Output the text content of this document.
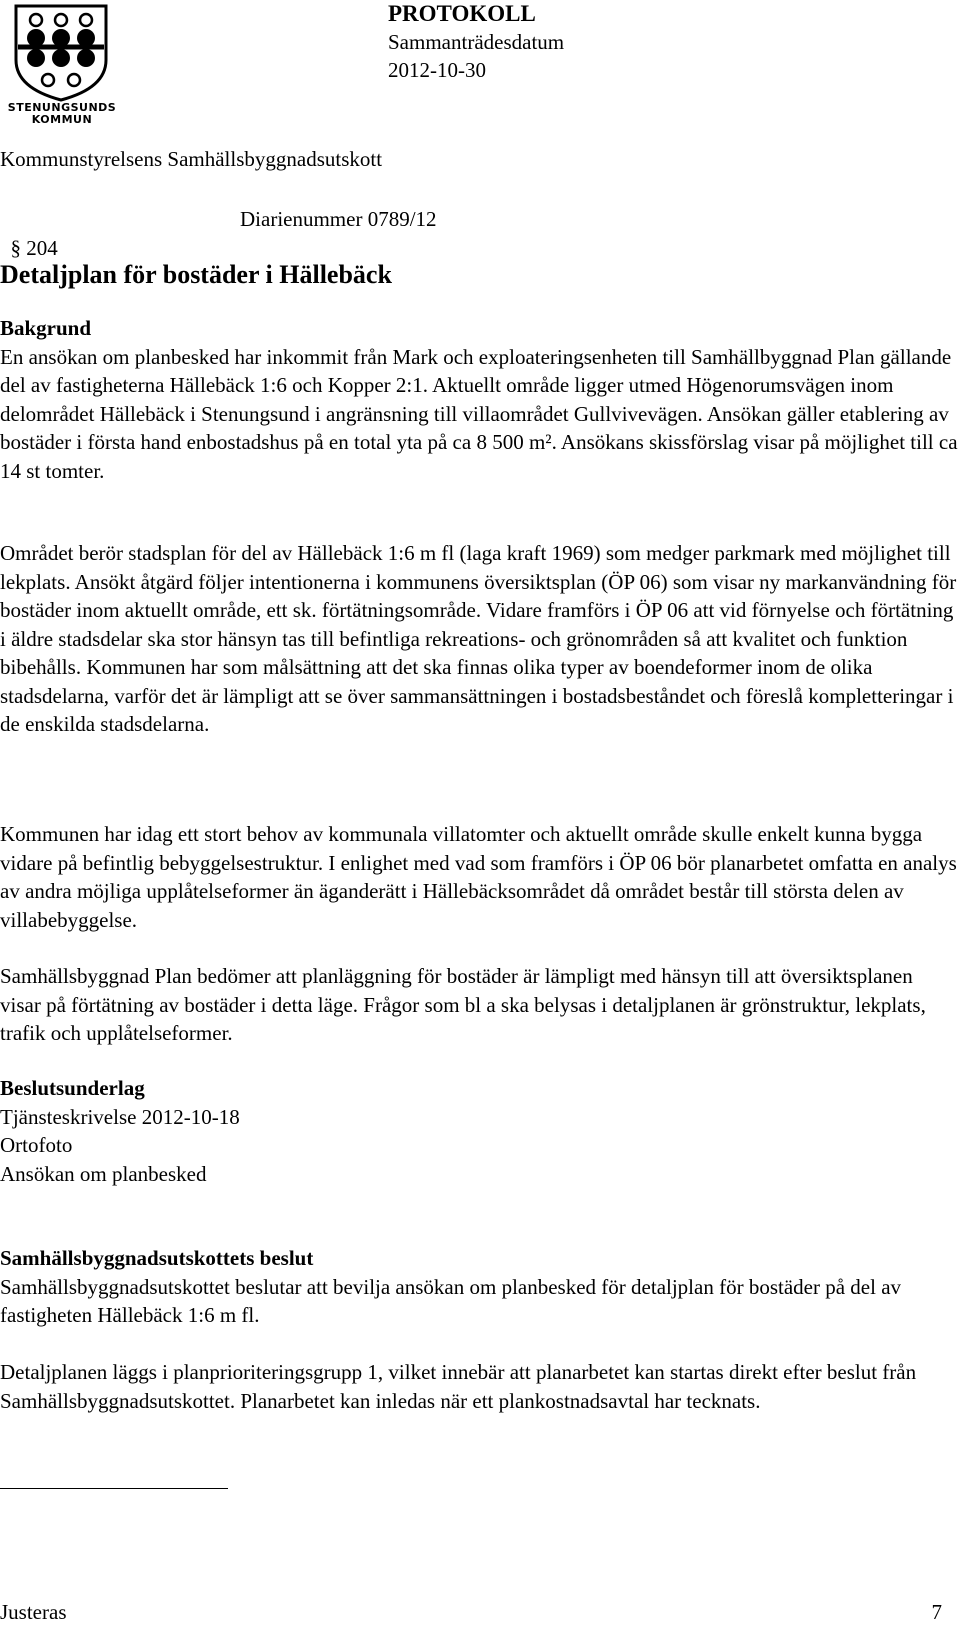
STENUNGSUNDS
KOMMUN
PROTOKOLL
Sammanträdesdatum
2012-10-30
Kommunstyrelsens Samhällsbyggnadsutskott

§ 204

Diarienummer 0789/12

Detaljplan för bostäder i Hällebäck

Bakgrund

En ansökan om planbesked har inkommit från Mark och exploateringsenheten till Samhällbyggnad Plan gällande del av fastigheterna Hällebäck 1:6 och Kopper 2:1. Aktuellt område ligger utmed Högenorumsvägen inom delområdet Hällebäck i Stenungsund i angränsning till villaområdet Gullvivevägen. Ansökan gäller etablering av bostäder i första hand enbostadshus på en total yta på ca 8 500 m². Ansökans skissförslag visar på möjlighet till ca 14 st tomter.

Området berör stadsplan för del av Hällebäck 1:6 m fl (laga kraft 1969) som medger parkmark med möjlighet till lekplats. Ansökt åtgärd följer intentionerna i kommunens översiktsplan (ÖP 06) som visar ny markanvändning för bostäder inom aktuellt område, ett sk. förtätningsområde. Vidare framförs i ÖP 06 att vid förnyelse och förtätning i äldre stadsdelar ska stor hänsyn tas till befintliga rekreations- och grönområden så att kvalitet och funktion bibehålls. Kommunen har som målsättning att det ska finnas olika typer av boendeformer inom de olika stadsdelarna, varför det är lämpligt att se över sammansättningen i bostadsbeståndet och föreslå kompletteringar i de enskilda stadsdelarna.

Kommunen har idag ett stort behov av kommunala villatomter och aktuellt område skulle enkelt kunna bygga vidare på befintlig bebyggelsestruktur. I enlighet med vad som framförs i ÖP 06 bör planarbetet omfatta en analys av andra möjliga upplåtelseformer än äganderätt i Hällebäcksområdet då området består till största delen av villabebyggelse.

Samhällsbyggnad Plan bedömer att planläggning för bostäder är lämpligt med hänsyn till att översiktsplanen visar på förtätning av bostäder i detta läge. Frågor som bl a ska belysas i detaljplanen är grönstruktur, lekplats, trafik och upplåtelseformer.

Beslutsunderlag

Tjänsteskrivelse 2012-10-18

Ortofoto

Ansökan om planbesked

Samhällsbyggnadsutskottets beslut

Samhällsbyggnadsutskottet beslutar att bevilja ansökan om planbesked för detaljplan för bostäder på del av fastigheten Hällebäck 1:6 m fl.

Detaljplanen läggs i planprioriteringsgrupp 1, vilket innebär att planarbetet kan startas direkt efter beslut från Samhällsbyggnadsutskottet. Planarbetet kan inledas när ett plankostnadsavtal har tecknats.

Justeras	7
